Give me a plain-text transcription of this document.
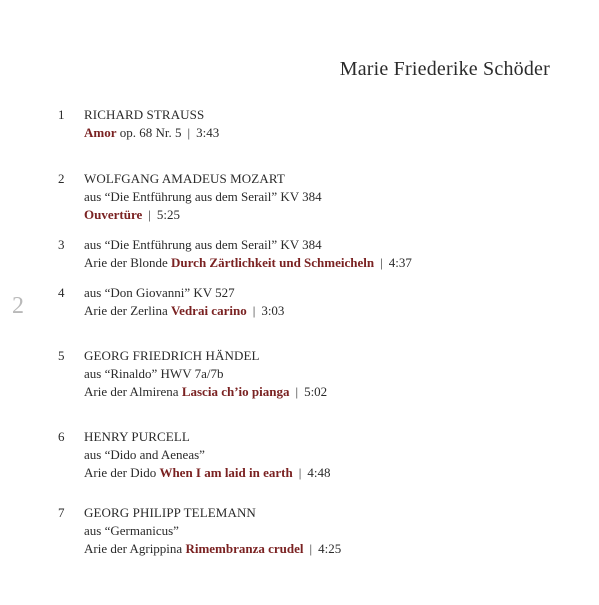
Marie Friederike Schöder
2
1 RICHARD STRAUSS
Amor op. 68 Nr. 5 | 3:43
2 WOLFGANG AMADEUS MOZART
aus “Die Entführung aus dem Serail” KV 384
Ouvertüre | 5:25
3 aus “Die Entführung aus dem Serail” KV 384
Arie der Blonde Durch Zärtlichkeit und Schmeicheln | 4:37
4 aus “Don Giovanni” KV 527
Arie der Zerlina Vedrai carino | 3:03
5 GEORG FRIEDRICH HÄNDEL
aus “Rinaldo” HWV 7a/7b
Arie der Almirena Lascia ch’io pianga | 5:02
6 HENRY PURCELL
aus “Dido and Aeneas”
Arie der Dido When I am laid in earth | 4:48
7 GEORG PHILIPP TELEMANN
aus “Germanicus”
Arie der Agrippina Rimembranza crudel | 4:25
